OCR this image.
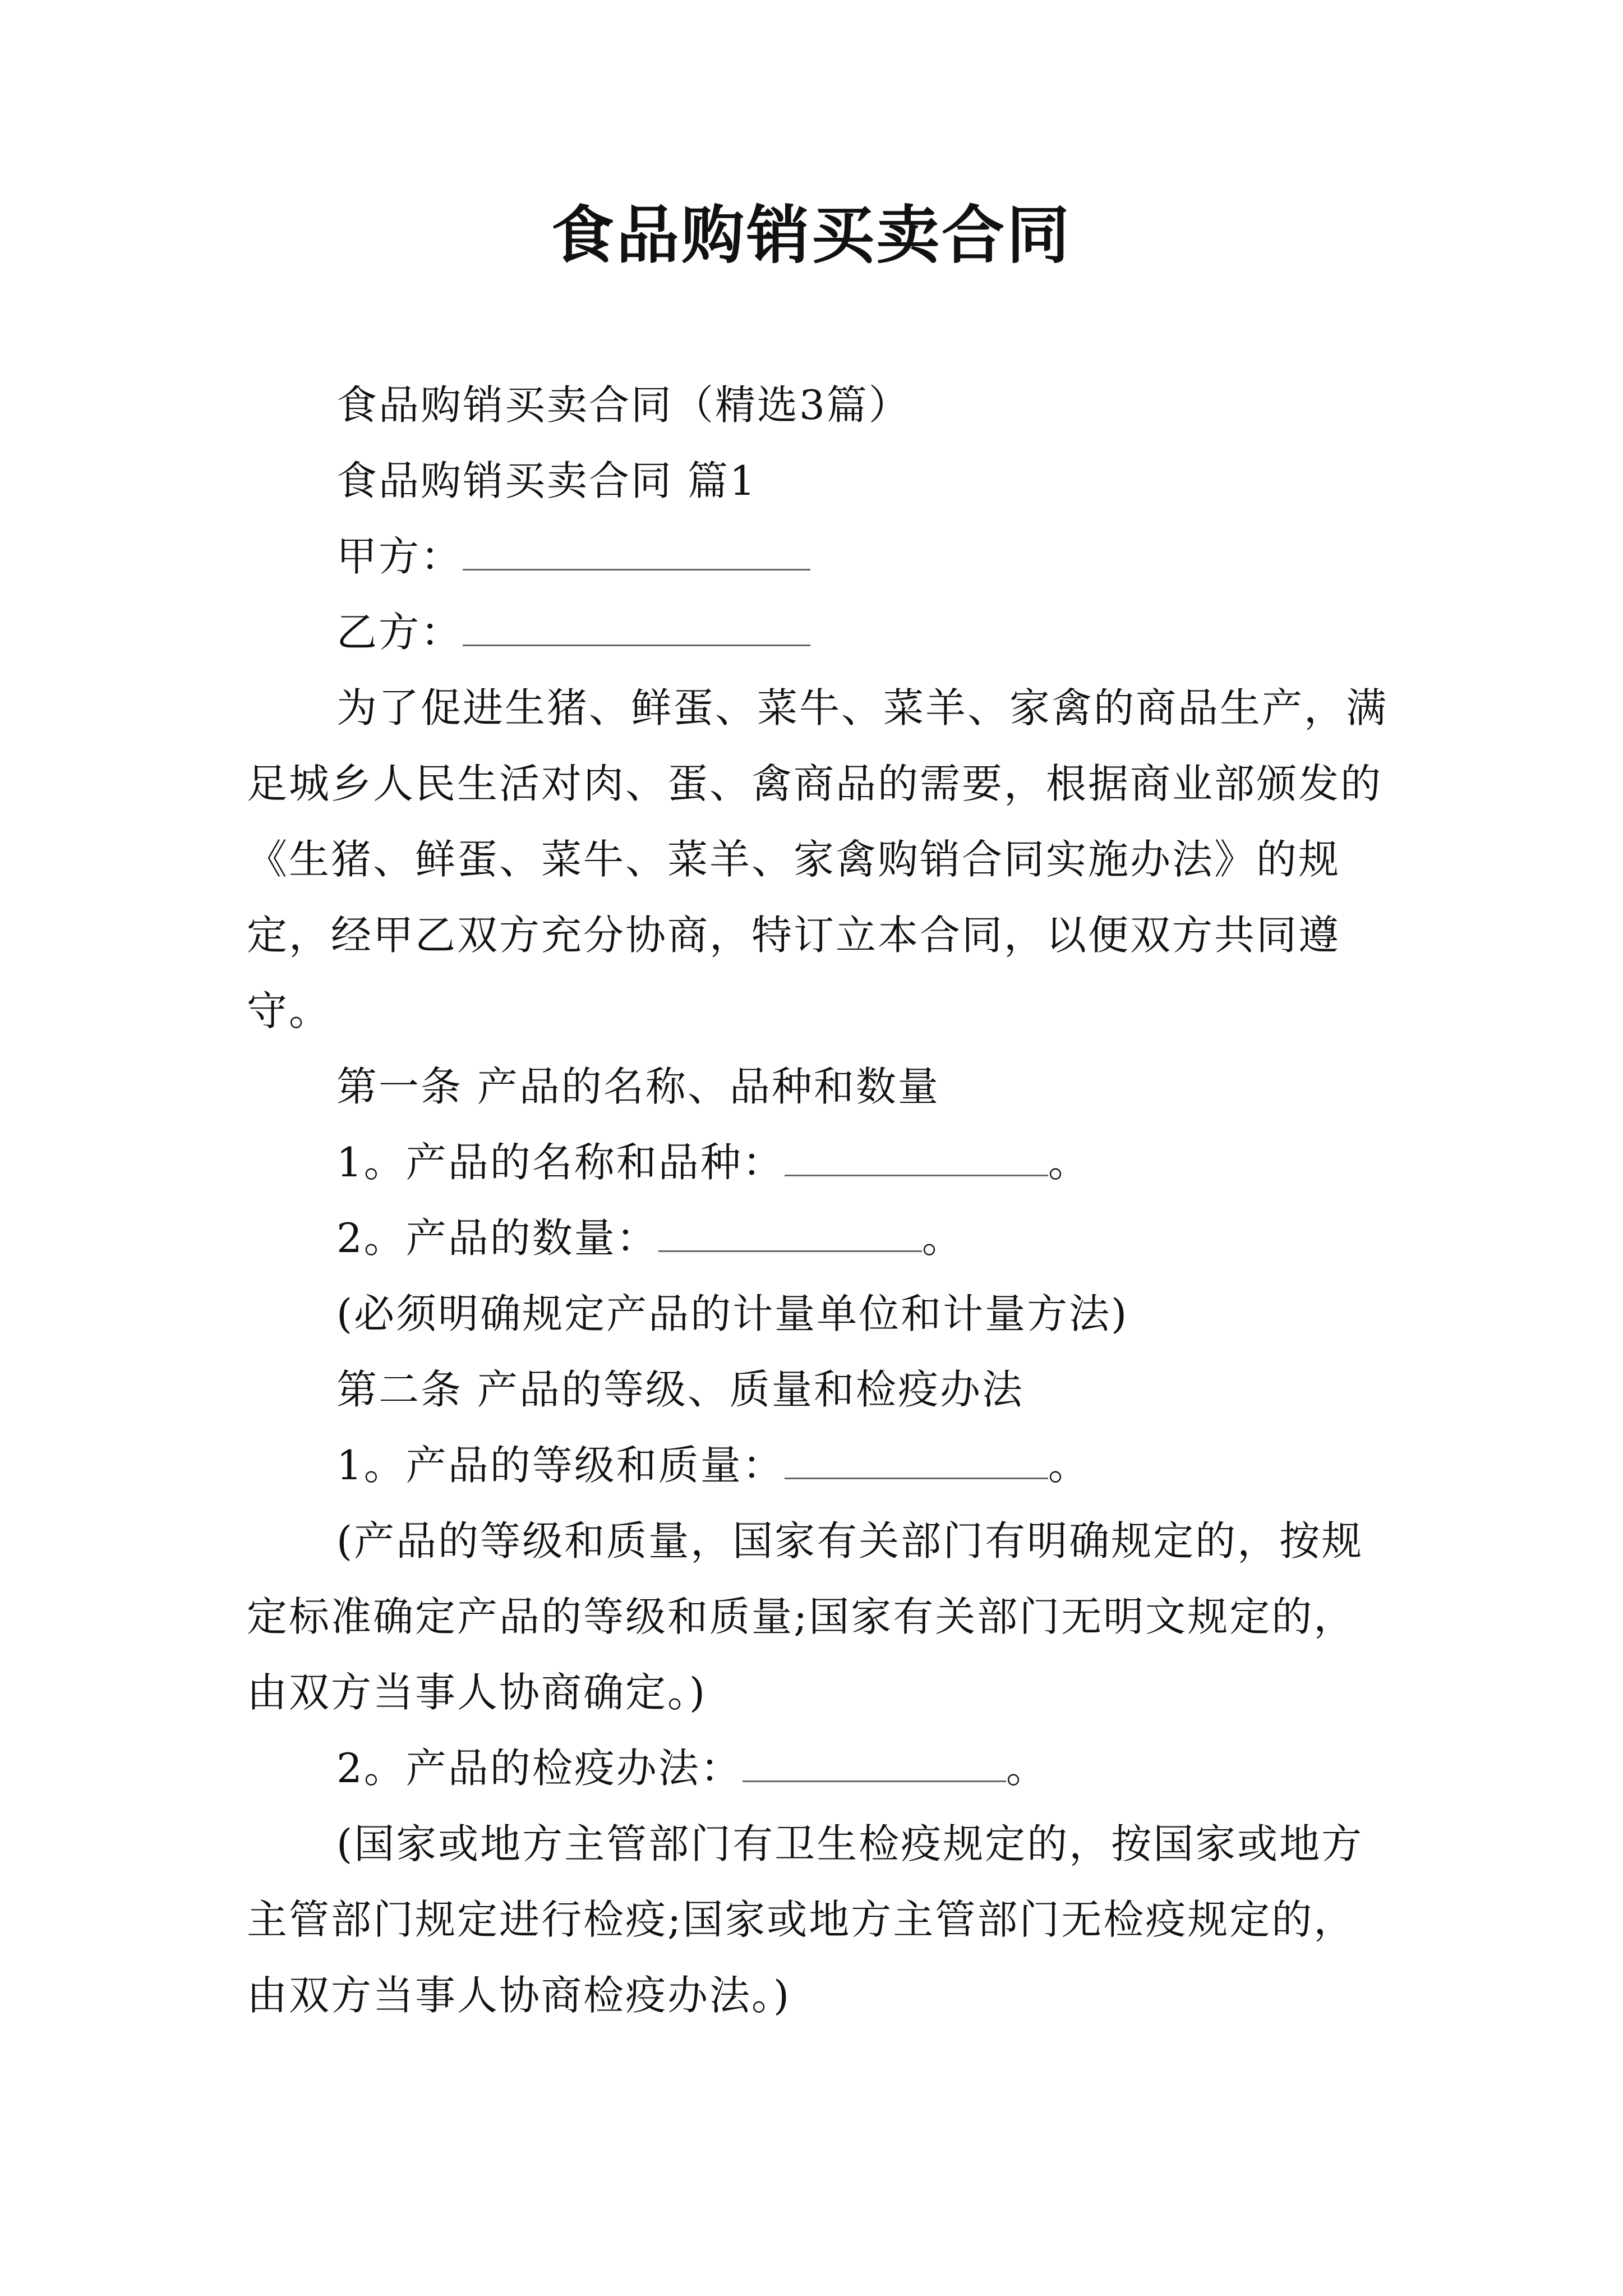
食品购销买卖合同

食品购销买卖合同（精选3篇）

食品购销买卖合同 篇1

甲方：

乙方：

为了促进生猪、鲜蛋、菜牛、菜羊、家禽的商品生产，满足城乡人民生活对肉、蛋、禽商品的需要，根据商业部颁发的《生猪、鲜蛋、菜牛、菜羊、家禽购销合同实施办法》的规定，经甲乙双方充分协商，特订立本合同，以便双方共同遵守。

第一条 产品的名称、品种和数量

1。产品的名称和品种：	。

2。产品的数量：	。

(必须明确规定产品的计量单位和计量方法)

第二条 产品的等级、质量和检疫办法

1。产品的等级和质量：	。

(产品的等级和质量，国家有关部门有明确规定的，按规定标准确定产品的等级和质量;国家有关部门无明文规定的，由双方当事人协商确定。)

2。产品的检疫办法：	。

(国家或地方主管部门有卫生检疫规定的，按国家或地方主管部门规定进行检疫;国家或地方主管部门无检疫规定的，由双方当事人协商检疫办法。)
